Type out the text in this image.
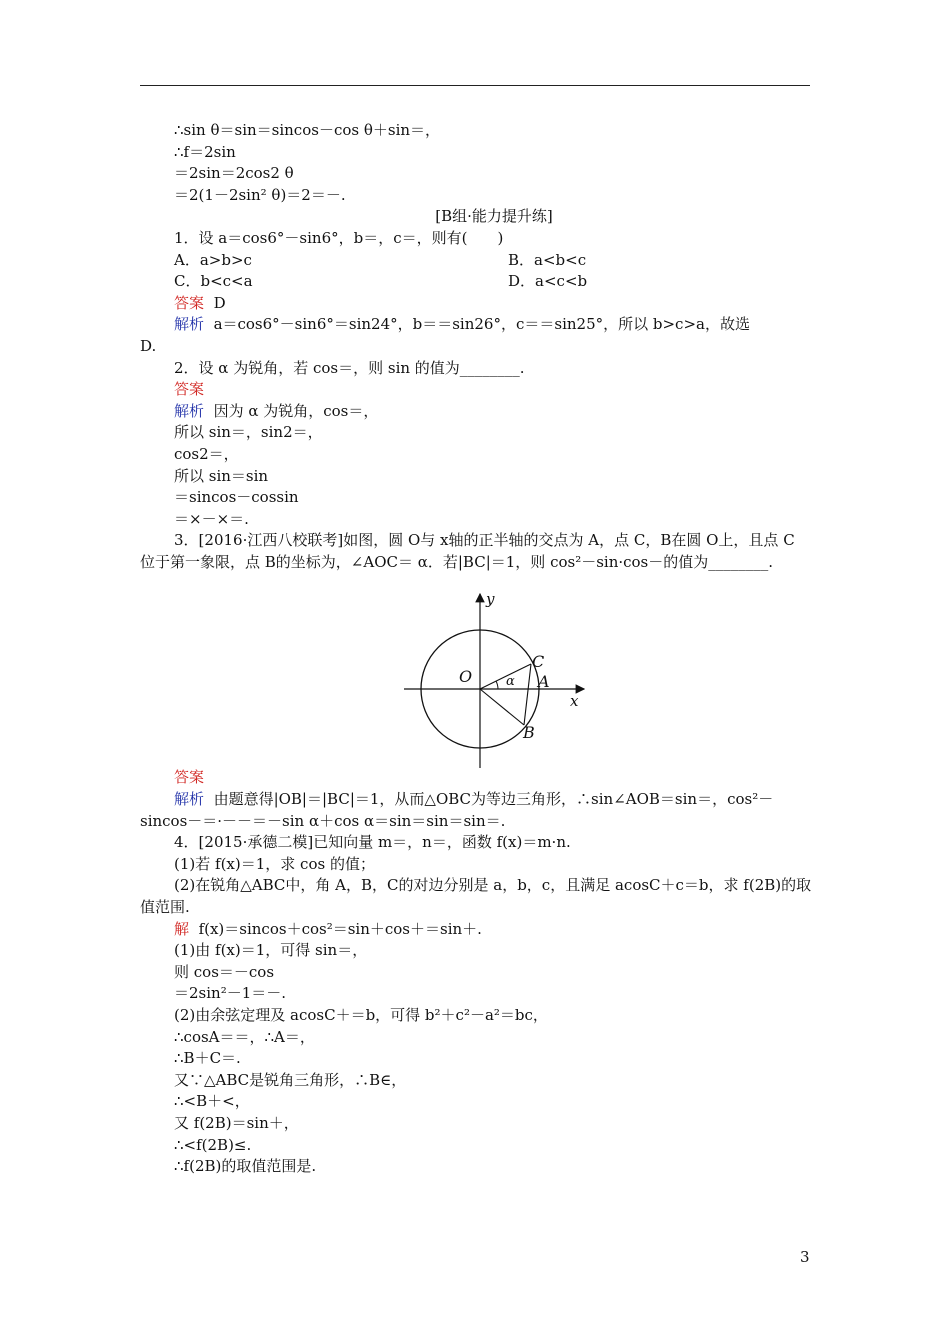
∴sin θ＝sin＝sincos－cos θ＋sin＝，
∴f＝2sin
＝2sin＝2cos2 θ
＝2(1－2sin² θ)＝2＝－.
[B组·能力提升练]
1．设 a＝cos6°－sin6°，b＝，c＝，则有(　　)
A．a>b>c	B．a<b<c
C．b<c<a	D．a<c<b
答案 D
解析 a＝cos6°－sin6°＝sin24°，b＝＝sin26°，c＝＝sin25°，所以 b>c>a，故选
D.
2．设 α 为锐角，若 cos＝，则 sin 的值为________.
答案
解析 因为 α 为锐角，cos＝，
所以 sin＝，sin2＝，
cos2＝，
所以 sin＝sin
＝sincos－cossin
＝×－×＝.
3．[2016·江西八校联考]如图，圆 O与 x轴的正半轴的交点为 A，点 C，B在圆 O上，且点 C
位于第一象限，点 B的坐标为，∠AOC＝ α．若|BC|＝1，则 cos²－sin·cos－的值为________.
答案
解析 由题意得|OB|＝|BC|＝1，从而△OBC为等边三角形，∴sin∠AOB＝sin＝，cos²－
sincos－＝·－－＝－sin α＋cos α＝sin＝sin＝sin＝.
4．[2015·承德二模]已知向量 m＝，n＝，函数 f(x)＝m·n.
(1)若 f(x)＝1，求 cos 的值；
(2)在锐角△ABC中，角 A，B，C的对边分别是 a，b，c，且满足 acosC＋c＝b，求 f(2B)的取
值范围.
解 f(x)＝sincos＋cos²＝sin＋cos＋＝sin＋.
(1)由 f(x)＝1，可得 sin＝，
则 cos＝－cos
＝2sin²－1＝－.
(2)由余弦定理及 acosC＋＝b，可得 b²＋c²－a²＝bc，
∴cosA＝＝，∴A＝，
∴B＋C＝.
又∵△ABC是锐角三角形，∴B∈，
∴<B＋<，
又 f(2B)＝sin＋，
∴<f(2B)≤.
∴f(2B)的取值范围是.
y
x
O
C
A
B
α
3
